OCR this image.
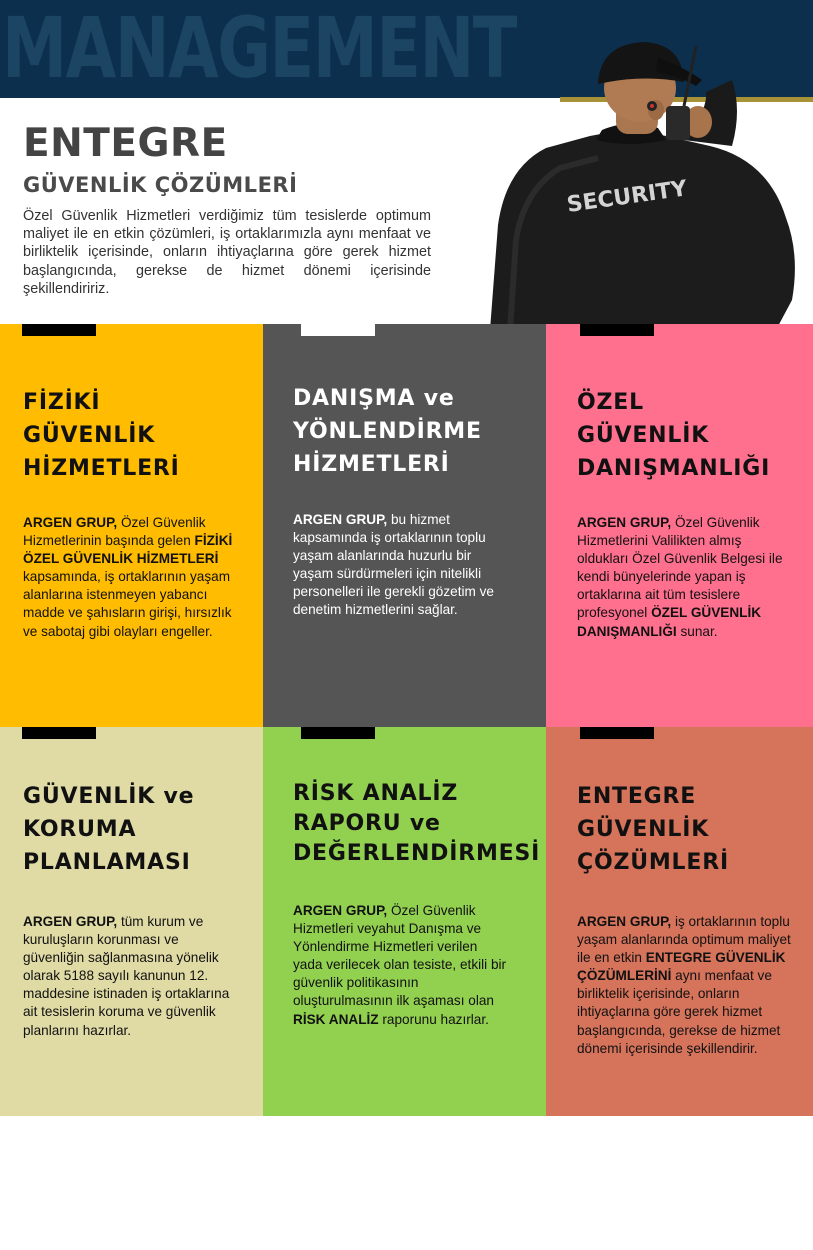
MANAGEMENT
SECURITY
ENTEGRE
GÜVENLİK ÇÖZÜMLERİ
Özel Güvenlik Hizmetleri verdiğimiz tüm tesislerde optimum maliyet ile en etkin çözümleri, iş ortaklarımızla aynı menfaat ve birliktelik içerisinde, onların ihtiyaçlarına göre gerek hizmet başlangıcında, gerekse de hizmet dönemi içerisinde şekillendiririz.
FİZİKİ
GÜVENLİK
HİZMETLERİ
ARGEN GRUP, Özel Güvenlik Hizmetlerinin başında gelen FİZİKİ ÖZEL GÜVENLİK HİZMETLERİ kapsamında, iş ortaklarının yaşam alanlarına istenmeyen yabancı madde ve şahısların girişi, hırsızlık ve sabotaj gibi olayları engeller.
DANIŞMA ve
YÖNLENDİRME
HİZMETLERİ
ARGEN GRUP, bu hizmet kapsamında iş ortaklarının toplu yaşam alanlarında huzurlu bir yaşam sürdürmeleri için nitelikli personelleri ile gerekli gözetim ve denetim hizmetlerini sağlar.
ÖZEL
GÜVENLİK
DANIŞMANLIĞI
ARGEN GRUP, Özel Güvenlik Hizmetlerini Valilikten almış oldukları Özel Güvenlik Belgesi ile kendi bünyelerinde yapan iş ortaklarına ait tüm tesislere profesyonel ÖZEL GÜVENLİK DANIŞMANLIĞI sunar.
GÜVENLİK ve
KORUMA
PLANLAMASI
ARGEN GRUP, tüm kurum ve kuruluşların korunması ve güvenliğin sağlanmasına yönelik olarak 5188 sayılı kanunun 12. maddesine istinaden iş ortaklarına ait tesislerin koruma ve güvenlik planlarını hazırlar.
RİSK ANALİZ
RAPORU ve
DEĞERLENDİRMESİ
ARGEN GRUP, Özel Güvenlik Hizmetleri veyahut Danışma ve Yönlendirme Hizmetleri verilen yada verilecek olan tesiste, etkili bir güvenlik politikasının oluşturulmasının ilk aşaması olan RİSK ANALİZ raporunu hazırlar.
ENTEGRE
GÜVENLİK
ÇÖZÜMLERİ
ARGEN GRUP, iş ortaklarının toplu yaşam alanlarında optimum maliyet ile en etkin ENTEGRE GÜVENLİK ÇÖZÜMLERİNİ aynı menfaat ve birliktelik içerisinde, onların ihtiyaçlarına göre gerek hizmet başlangıcında, gerekse de hizmet dönemi içerisinde şekillendirir.
